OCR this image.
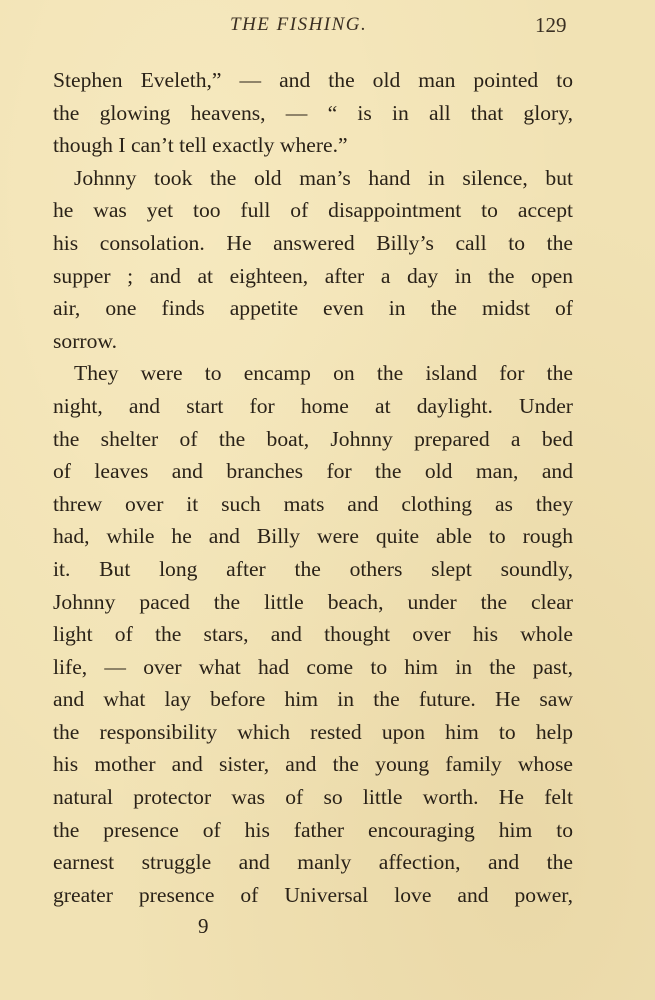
THE FISHING.	129
Stephen Eveleth,” — and the old man pointed to
the glowing heavens, — “ is in all that glory,
though I can’t tell exactly where.”
Johnny took the old man’s hand in silence, but
he was yet too full of disappointment to accept
his consolation. He answered Billy’s call to the
supper ; and at eighteen, after a day in the open
air, one finds appetite even in the midst of
sorrow.
They were to encamp on the island for the
night, and start for home at daylight. Under
the shelter of the boat, Johnny prepared a bed
of leaves and branches for the old man, and
threw over it such mats and clothing as they
had, while he and Billy were quite able to rough
it. But long after the others slept soundly,
Johnny paced the little beach, under the clear
light of the stars, and thought over his whole
life, — over what had come to him in the past,
and what lay before him in the future. He saw
the responsibility which rested upon him to help
his mother and sister, and the young family whose
natural protector was of so little worth. He felt
the presence of his father encouraging him to
earnest struggle and manly affection, and the
greater presence of Universal love and power,
9
